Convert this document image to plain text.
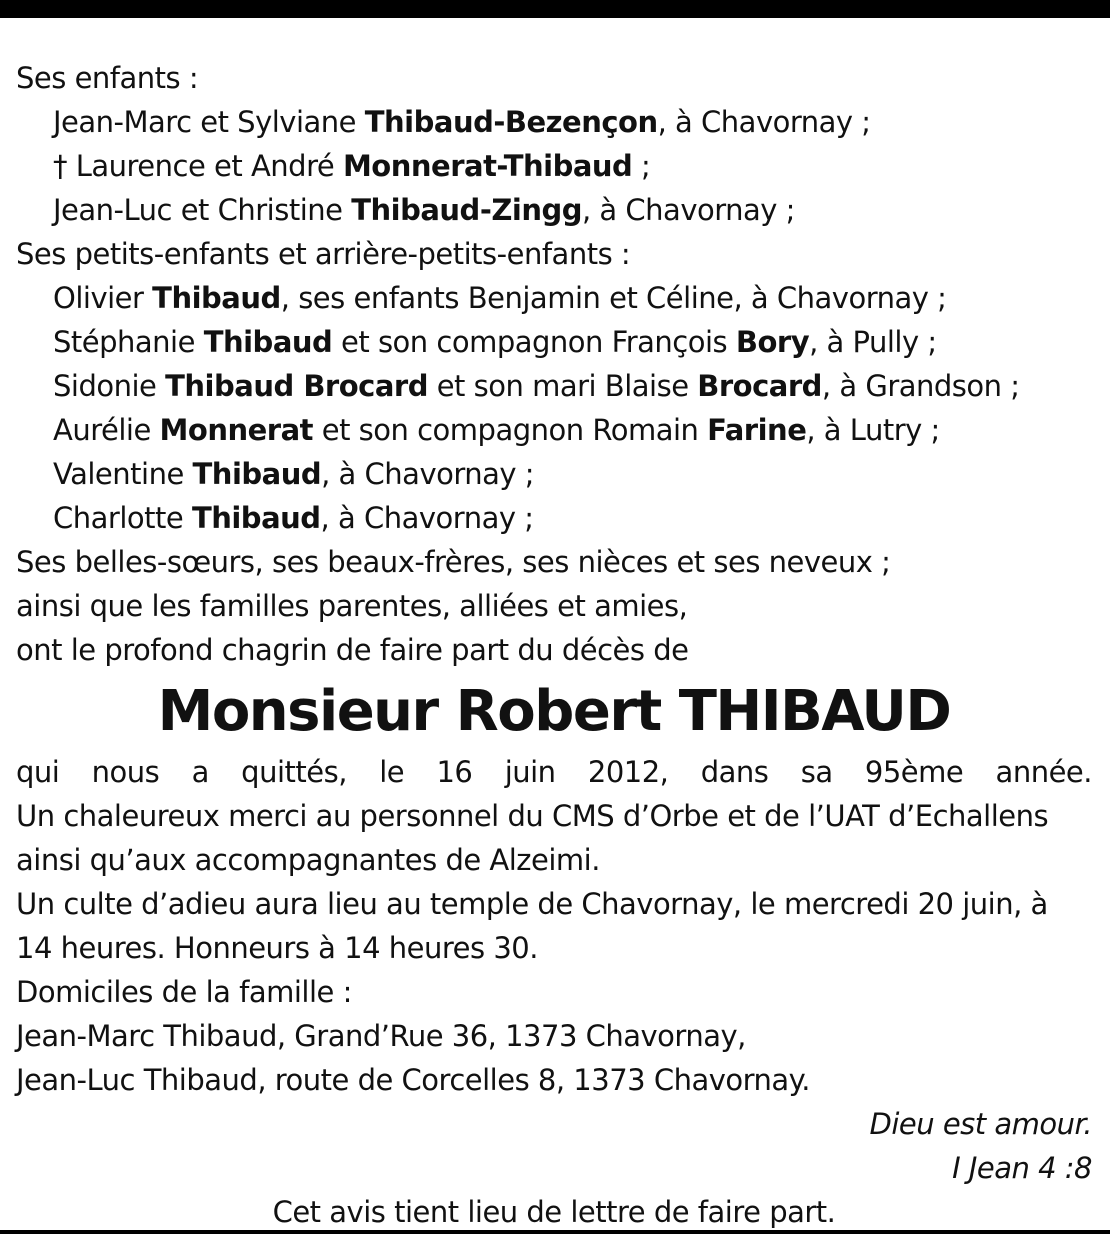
Ses enfants :
Jean-Marc et Sylviane Thibaud-Bezençon, à Chavornay ;
† Laurence et André Monnerat-Thibaud ;
Jean-Luc et Christine Thibaud-Zingg, à Chavornay ;
Ses petits-enfants et arrière-petits-enfants :
Olivier Thibaud, ses enfants Benjamin et Céline, à Chavornay ;
Stéphanie Thibaud et son compagnon François Bory, à Pully ;
Sidonie Thibaud Brocard et son mari Blaise Brocard, à Grandson ;
Aurélie Monnerat et son compagnon Romain Farine, à Lutry ;
Valentine Thibaud, à Chavornay ;
Charlotte Thibaud, à Chavornay ;
Ses belles-sœurs, ses beaux-frères, ses nièces et ses neveux ;
ainsi que les familles parentes, alliées et amies,
ont le profond chagrin de faire part du décès de
Monsieur Robert THIBAUD
qui nous a quittés, le 16 juin 2012, dans sa 95ème année.
Un chaleureux merci au personnel du CMS d’Orbe et de l’UAT d’Echallens
ainsi qu’aux accompagnantes de Alzeimi.
Un culte d’adieu aura lieu au temple de Chavornay, le mercredi 20 juin, à
14 heures. Honneurs à 14 heures 30.
Domiciles de la famille :
Jean-Marc Thibaud, Grand’Rue 36, 1373 Chavornay,
Jean-Luc Thibaud, route de Corcelles 8, 1373 Chavornay.
Dieu est amour.
I Jean 4 :8
Cet avis tient lieu de lettre de faire part.
